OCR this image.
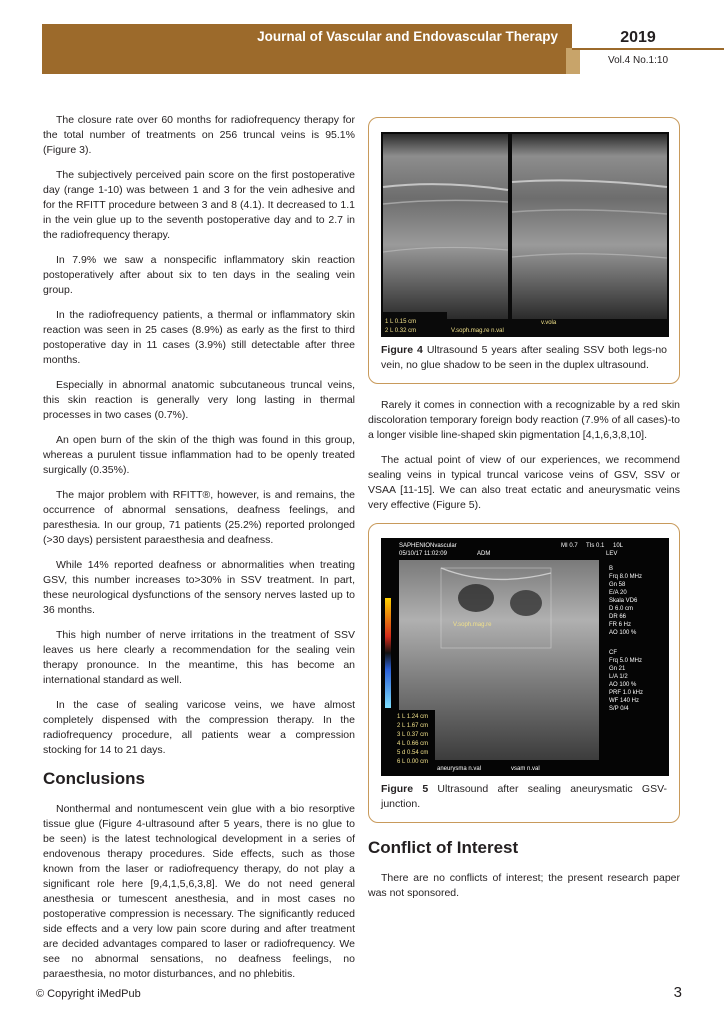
Journal of Vascular and Endovascular Therapy	2019
Vol.4 No.1:10

The closure rate over 60 months for radiofrequency therapy for the total number of treatments on 256 truncal veins is 95.1% (Figure 3).

The subjectively perceived pain score on the first postoperative day (range 1-10) was between 1 and 3 for the vein adhesive and for the RFITT procedure between 3 and 8 (4.1). It decreased to 1.1 in the vein glue up to the seventh postoperative day and to 2.7 in the radiofrequency therapy.

In 7.9% we saw a nonspecific inflammatory skin reaction postoperatively after about six to ten days in the sealing vein group.

In the radiofrequency patients, a thermal or inflammatory skin reaction was seen in 25 cases (8.9%) as early as the first to third postoperative day in 11 cases (3.9%) still detectable after three months.

Especially in abnormal anatomic subcutaneous truncal veins, this skin reaction is generally very long lasting in thermal processes in two cases (0.7%).

An open burn of the skin of the thigh was found in this group, whereas a purulent tissue inflammation had to be openly treated surgically (0.35%).

The major problem with RFITT®, however, is and remains, the occurrence of abnormal sensations, deafness feelings, and paresthesia. In our group, 71 patients (25.2%) reported prolonged (>30 days) persistent paraesthesia and deafness.

While 14% reported deafness or abnormalities when treating GSV, this number increases to>30% in SSV treatment. In part, these neurological dysfunctions of the sensory nerves lasted up to 36 months.

This high number of nerve irritations in the treatment of SSV leaves us here clearly a recommendation for the sealing vein therapy pronounce. In the meantime, this has become an international standard as well.

In the case of sealing varicose veins, we have almost completely dispensed with the compression therapy. In the radiofrequency procedure, all patients wear a compression stocking for 14 to 21 days.

Conclusions

Nonthermal and nontumescent vein glue with a bio resorptive tissue glue (Figure 4-ultrasound after 5 years, there is no glue to be seen) is the latest technological development in a series of endovenous therapy procedures. Side effects, such as those known from the laser or radiofrequency therapy, do not play a significant role here [9,4,1,5,6,3,8]. We do not need general anesthesia or tumescent anesthesia, and in most cases no postoperative compression is necessary. The significantly reduced side effects and a very low pain score during and after treatment are decided advantages compared to laser or radiofrequency. We see no abnormal sensations, no deafness feelings, no paraesthesia, no motor disturbances, and no phlebitis.

1 L 0.15 cm
2 L 0.32 cm	V.soph.mag.re n.val
v.vola
Figure 4 Ultrasound 5 years after sealing SSV both legs-no vein, no glue shadow to be seen in the duplex ultrasound.

Rarely it comes in connection with a recognizable by a red skin discoloration temporary foreign body reaction (7.9% of all cases)-to a longer visible line-shaped skin pigmentation [4,1,6,3,8,10].

The actual point of view of our experiences, we recommend sealing veins in typical truncal varicose veins of GSV, SSV or VSAA [11-15]. We can also treat ectatic and aneurysmatic veins very effective (Figure 5).

SAPHENIONvascular
05/10/17 11:02:09	ADM
MI 0.7 TIs 0.1 10L
LEV
V.soph.mag.re
1 L 1.24 cm
2 L 1.67 cm
3 L 0.37 cm
4 L 0.66 cm
5 d 0.54 cm
6 L 0.00 cm
aneurysma n.val	vsam n.val
B
Frq 8.0 MHz
Gn 58
E/A 20
Skala VD6
D 6.0 cm
DR 66
FR 6 Hz
AO 100 %
CF
Frq 5.0 MHz
Gn 21
L/A 1/2
AO 100 %
PRF 1.0 kHz
WF 140 Hz
S/P 0/4
Figure 5 Ultrasound after sealing aneurysmatic GSV-junction.
Conflict of Interest

There are no conflicts of interest; the present research paper was not sponsored.

© Copyright iMedPub	3
